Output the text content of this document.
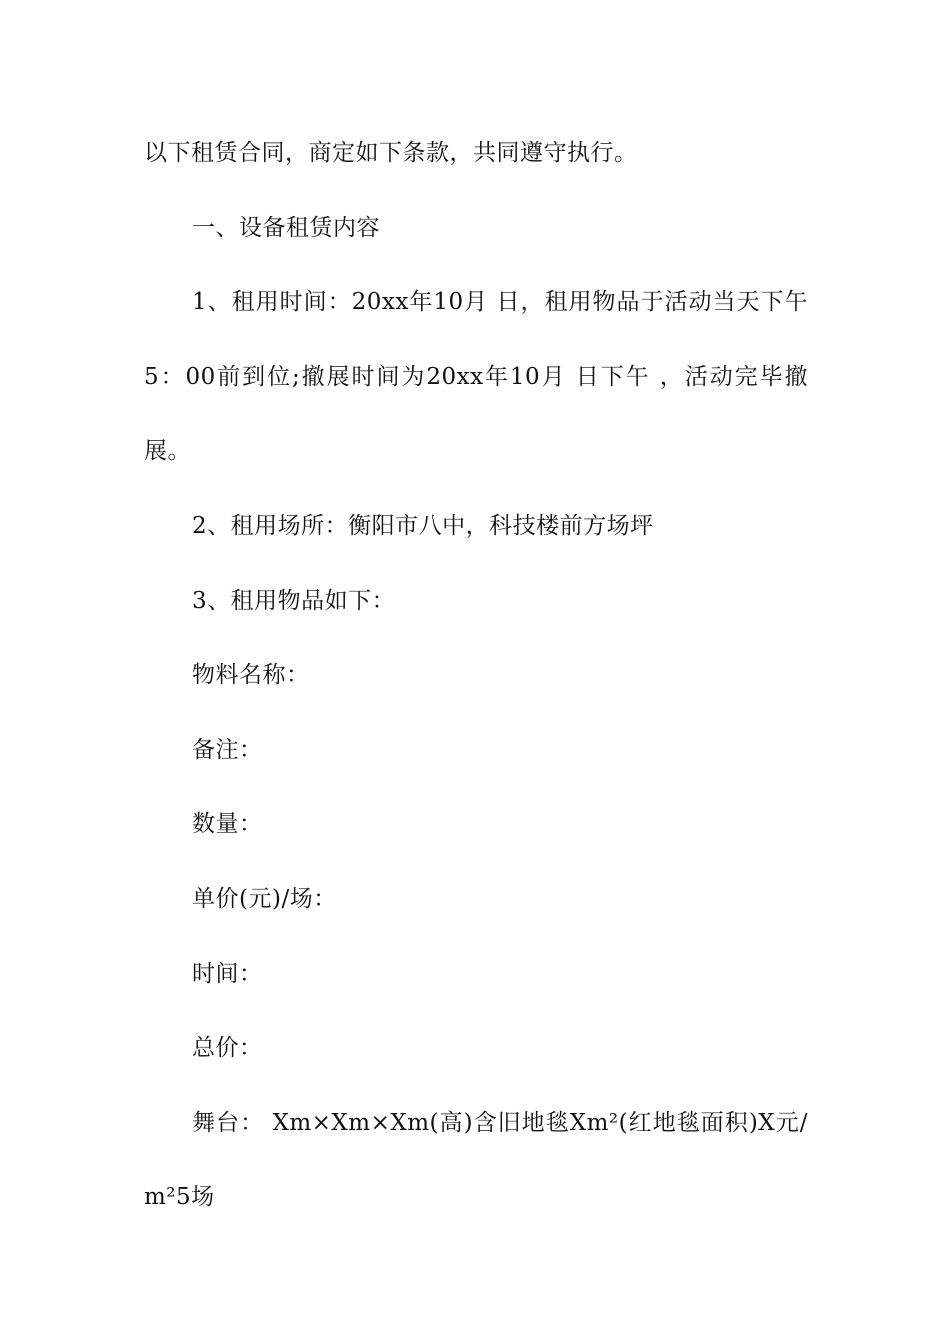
以下租赁合同，商定如下条款，共同遵守执行。

一、设备租赁内容

1、租用时间：20xx年10月 日，租用物品于活动当天下午5：00前到位;撤展时间为20xx年10月 日下午 ，活动完毕撤展。

2、租用场所：衡阳市八中，科技楼前方场坪

3、租用物品如下：

物料名称：

备注：

数量：

单价(元)/场：

时间：

总价：

舞台： Xm×Xm×Xm(高)含旧地毯Xm²(红地毯面积)X元/m²5场
